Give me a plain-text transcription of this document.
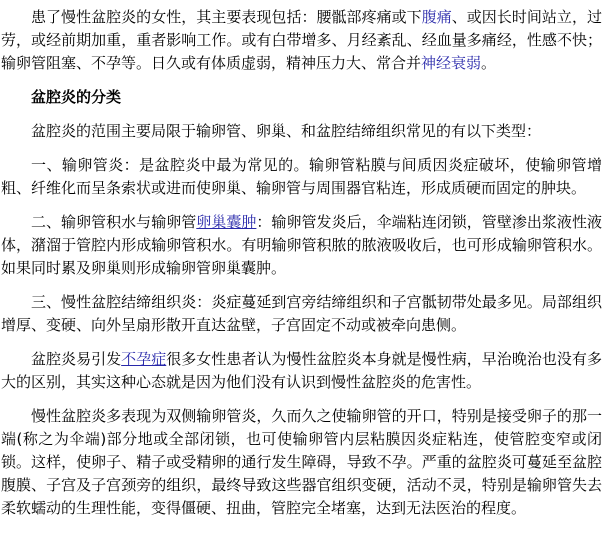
患了慢性盆腔炎的女性，其主要表现包括：腰骶部疼痛或下腹痛、或因长时间站立，过劳，或经前期加重，重者影响工作。或有白带增多、月经紊乱、经血量多痛经，性感不快；输卵管阻塞、不孕等。日久或有体质虚弱，精神压力大、常合并神经衰弱。

盆腔炎的分类

盆腔炎的范围主要局限于输卵管、卵巢、和盆腔结缔组织常见的有以下类型：

一、输卵管炎：是盆腔炎中最为常见的。输卵管粘膜与间质因炎症破坏，使输卵管增粗、纤维化而呈条索状或进而使卵巢、输卵管与周围器官粘连，形成质硬而固定的肿块。

二、输卵管积水与输卵管卵巢囊肿：输卵管发炎后，伞端粘连闭锁，管壁渗出浆液性液体，潴溜于管腔内形成输卵管积水。有明输卵管积脓的脓液吸收后，也可形成输卵管积水。如果同时累及卵巢则形成输卵管卵巢囊肿。

三、慢性盆腔结缔组织炎：炎症蔓延到宫旁结缔组织和子宫骶韧带处最多见。局部组织增厚、变硬、向外呈扇形散开直达盆壁，子宫固定不动或被牵向患侧。

盆腔炎易引发不孕症很多女性患者认为慢性盆腔炎本身就是慢性病，早治晚治也没有多大的区别，其实这种心态就是因为他们没有认识到慢性盆腔炎的危害性。

慢性盆腔炎多表现为双侧输卵管炎，久而久之使输卵管的开口，特别是接受卵子的那一端(称之为伞端)部分地或全部闭锁，也可使输卵管内层粘膜因炎症粘连，使管腔变窄或闭锁。这样，使卵子、精子或受精卵的通行发生障碍，导致不孕。严重的盆腔炎可蔓延至盆腔腹膜、子宫及子宫颈旁的组织，最终导致这些器官组织变硬，活动不灵，特别是输卵管失去柔软蠕动的生理性能，变得僵硬、扭曲，管腔完全堵塞，达到无法医治的程度。
